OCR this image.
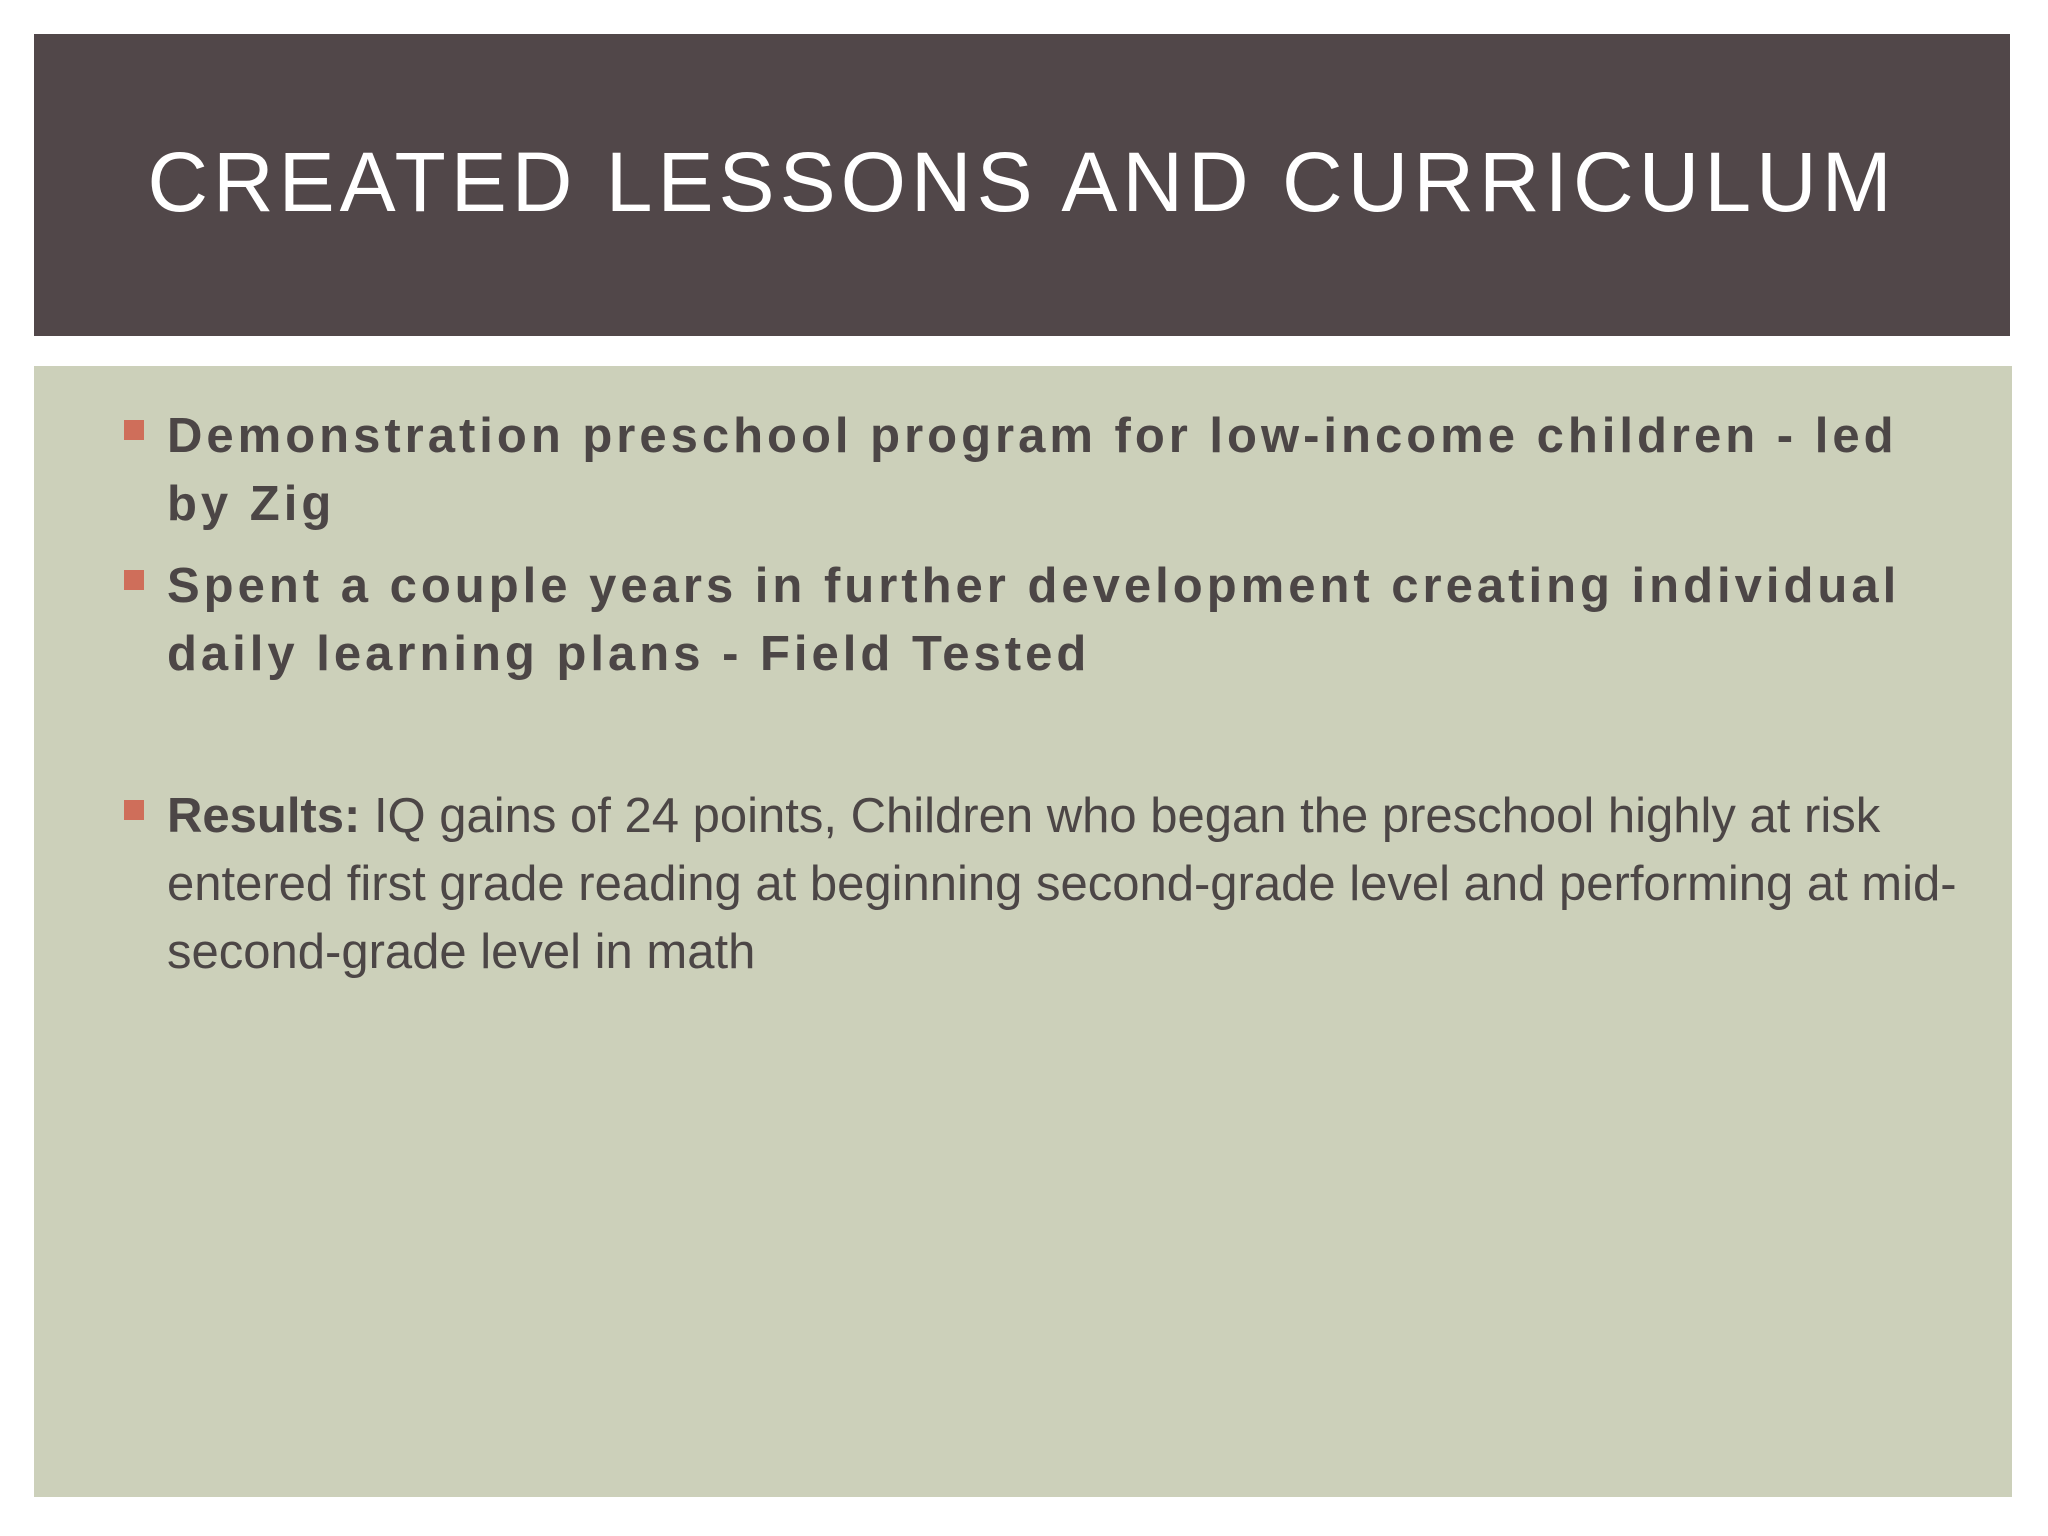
CREATED LESSONS AND CURRICULUM

Demonstration preschool program for low-income children - led by Zig

Spent a couple years in further development creating individual daily learning plans - Field Tested

Results: IQ gains of 24 points, Children who began the preschool highly at risk entered first grade reading at beginning second-grade level and performing at mid-second-grade level in math
